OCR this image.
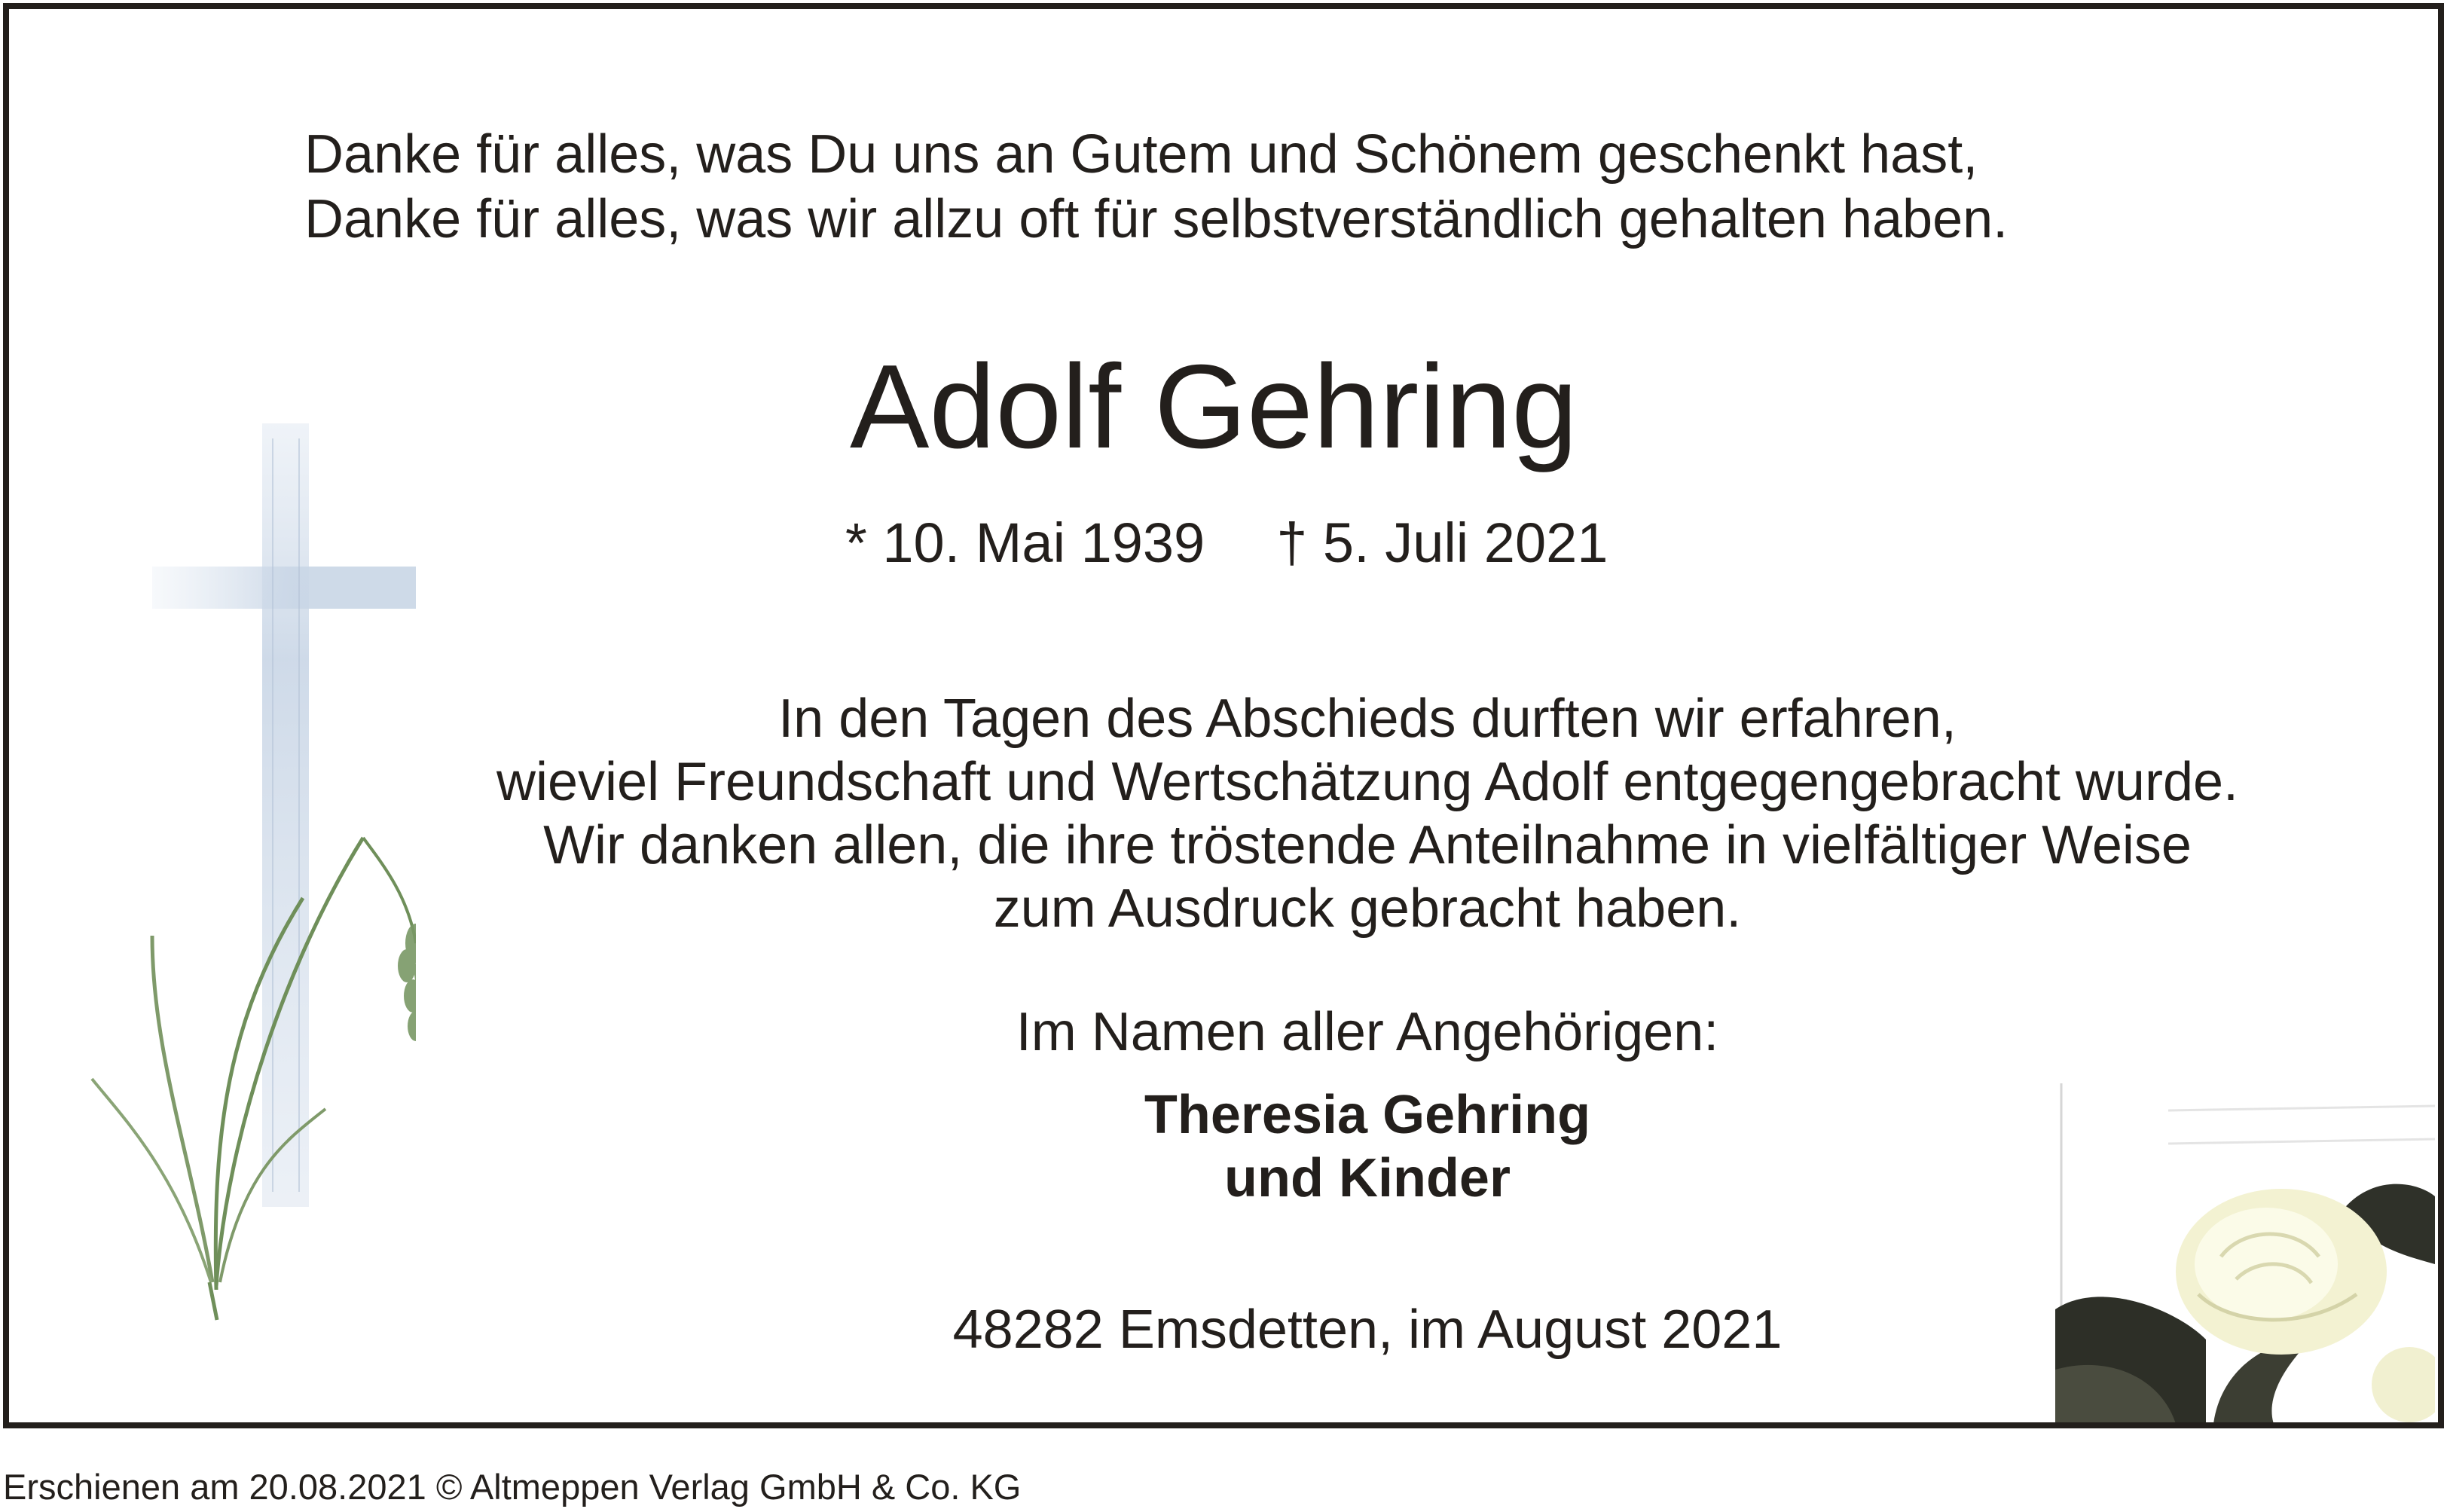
Danke für alles, was Du uns an Gutem und Schönem geschenkt hast,
Danke für alles, was wir allzu oft für selbstverständlich gehalten haben.
Adolf Gehring
* 10. Mai 1939 † 5. Juli 2021
In den Tagen des Abschieds durften wir erfahren,
wieviel Freundschaft und Wertschätzung Adolf entgegengebracht wurde.
Wir danken allen, die ihre tröstende Anteilnahme in vielfältiger Weise
zum Ausdruck gebracht haben.
Im Namen aller Angehörigen:
Theresia Gehring
und Kinder
48282 Emsdetten, im August 2021
Erschienen am 20.08.2021 © Altmeppen Verlag GmbH & Co. KG
